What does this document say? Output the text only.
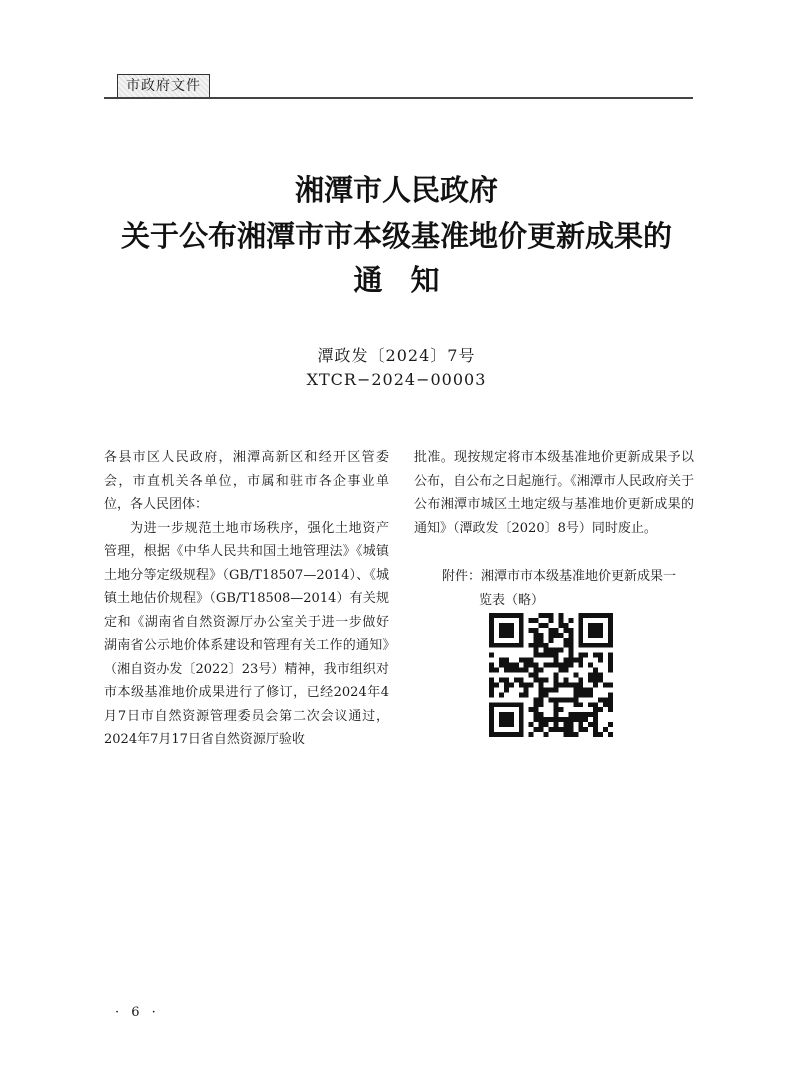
市政府文件
湘潭市人民政府
关于公布湘潭市市本级基准地价更新成果的
通知
潭政发〔2024〕7号
XTCR−2024−00003

各县市区人民政府，湘潭高新区和经开区管委会，市直机关各单位，市属和驻市各企事业单位，各人民团体：

为进一步规范土地市场秩序，强化土地资产管理，根据《中华人民共和国土地管理法》《城镇土地分等定级规程》（GB/T18507—2014）、《城镇土地估价规程》（GB/T18508—2014）有关规定和《湖南省自然资源厅办公室关于进一步做好湖南省公示地价体系建设和管理有关工作的通知》（湘自资办发〔2022〕23号）精神，我市组织对市本级基准地价成果进行了修订，已经2024年4月7日市自然资源管理委员会第二次会议通过，2024年7月17日省自然资源厅验收

批准。现按规定将市本级基准地价更新成果予以公布，自公布之日起施行。《湘潭市人民政府关于公布湘潭市城区土地定级与基准地价更新成果的通知》（潭政发〔2020〕8号）同时废止。

附件：湘潭市市本级基准地价更新成果一
览表（略）
· 6 ·
